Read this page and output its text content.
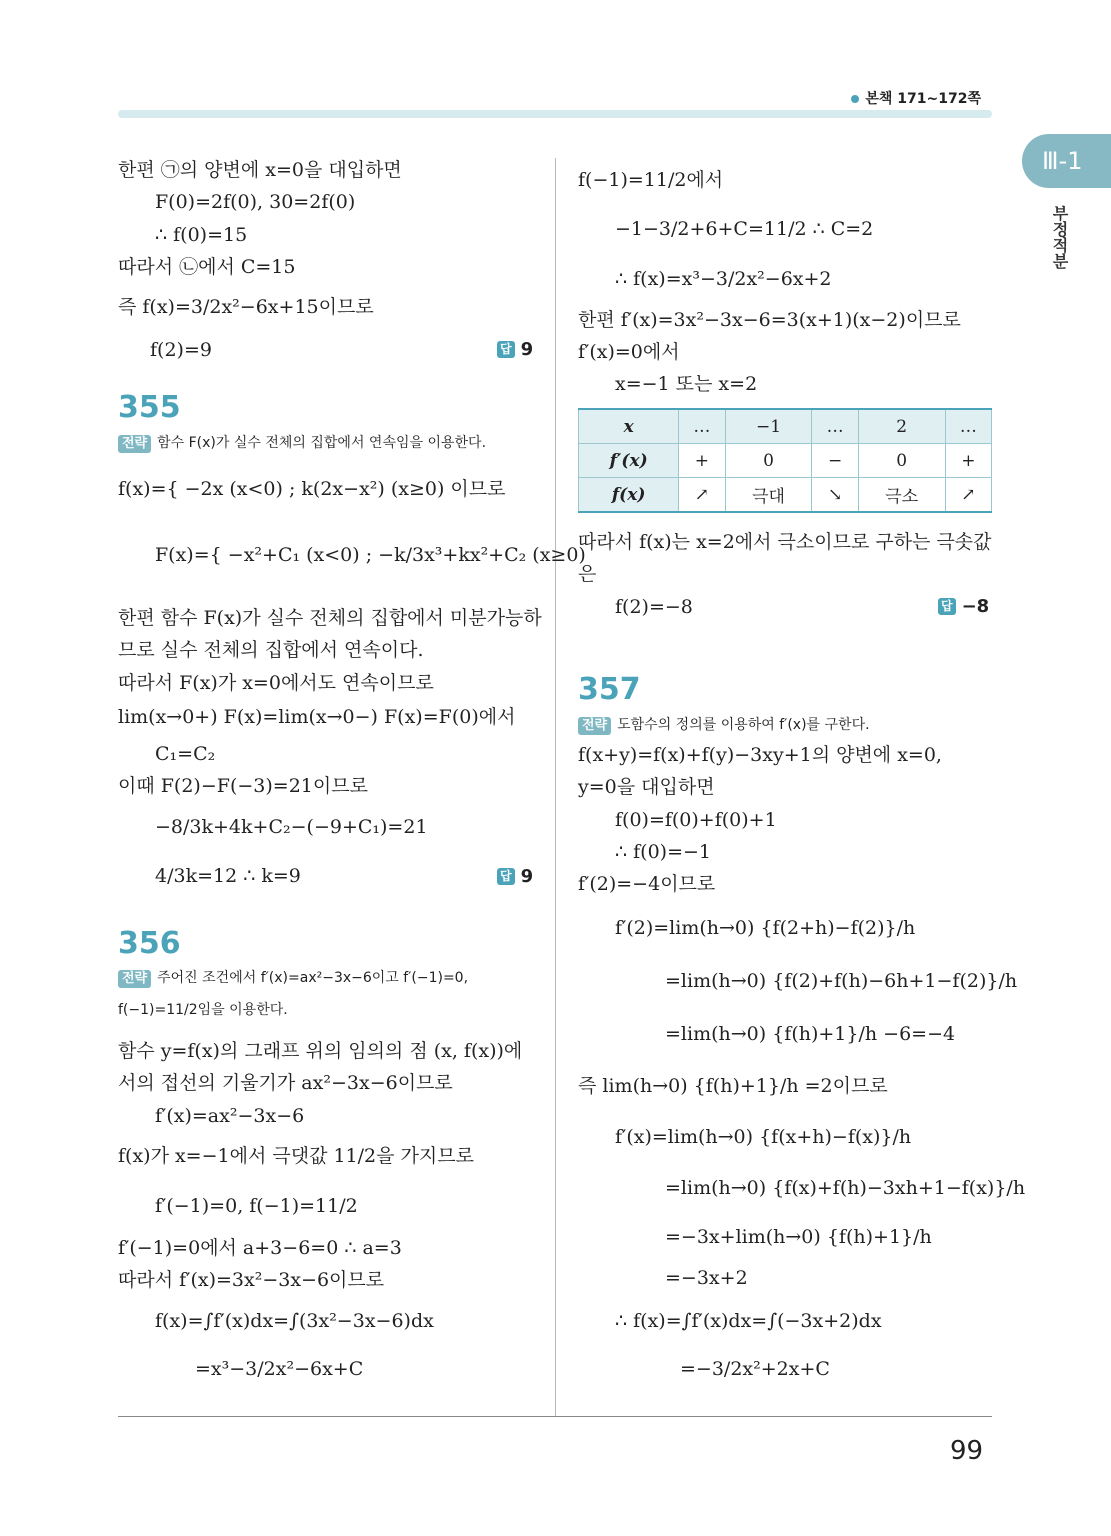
본책 171~172쪽
Ⅲ-1
부정적분
한편 ㉠의 양변에 x=0을 대입하면
F(0)=2f(0), 30=2f(0)
∴ f(0)=15
따라서 ㉡에서 C=15
즉 f(x)=3/2x²−6x+15이므로
f(2)=9	답 9
355
전략 함수 F(x)가 실수 전체의 집합에서 연속임을 이용한다.
f(x)={ −2x (x<0) ; k(2x−x²) (x≥0) 이므로
F(x)={ −x²+C₁ (x<0) ; −k/3x³+kx²+C₂ (x≥0)
한편 함수 F(x)가 실수 전체의 집합에서 미분가능하
므로 실수 전체의 집합에서 연속이다.
따라서 F(x)가 x=0에서도 연속이므로
lim(x→0+) F(x)=lim(x→0−) F(x)=F(0)에서
C₁=C₂
이때 F(2)−F(−3)=21이므로
−8/3k+4k+C₂−(−9+C₁)=21
4/3k=12 ∴ k=9	답 9
356
전략 주어진 조건에서 f′(x)=ax²−3x−6이고 f′(−1)=0,
f(−1)=11/2임을 이용한다.
함수 y=f(x)의 그래프 위의 임의의 점 (x, f(x))에
서의 접선의 기울기가 ax²−3x−6이므로
f′(x)=ax²−3x−6
f(x)가 x=−1에서 극댓값 11/2을 가지므로
f′(−1)=0, f(−1)=11/2
f′(−1)=0에서 a+3−6=0 ∴ a=3
따라서 f′(x)=3x²−3x−6이므로
f(x)=∫f′(x)dx=∫(3x²−3x−6)dx
=x³−3/2x²−6x+C
f(−1)=11/2에서
−1−3/2+6+C=11/2 ∴ C=2
∴ f(x)=x³−3/2x²−6x+2
한편 f′(x)=3x²−3x−6=3(x+1)(x−2)이므로
f′(x)=0에서
x=−1 또는 x=2
x	…	−1	…	2	…
f′(x)	+	0	−	0	+
f(x)	↗	극대	↘	극소	↗
따라서 f(x)는 x=2에서 극소이므로 구하는 극솟값
은
f(2)=−8	답 −8
357
전략 도함수의 정의를 이용하여 f′(x)를 구한다.
f(x+y)=f(x)+f(y)−3xy+1의 양변에 x=0,
y=0을 대입하면
f(0)=f(0)+f(0)+1
∴ f(0)=−1
f′(2)=−4이므로
f′(2)=lim(h→0) {f(2+h)−f(2)}/h
=lim(h→0) {f(2)+f(h)−6h+1−f(2)}/h
=lim(h→0) {f(h)+1}/h −6=−4
즉 lim(h→0) {f(h)+1}/h =2이므로
f′(x)=lim(h→0) {f(x+h)−f(x)}/h
=lim(h→0) {f(x)+f(h)−3xh+1−f(x)}/h
=−3x+lim(h→0) {f(h)+1}/h
=−3x+2
∴ f(x)=∫f′(x)dx=∫(−3x+2)dx
=−3/2x²+2x+C
99
